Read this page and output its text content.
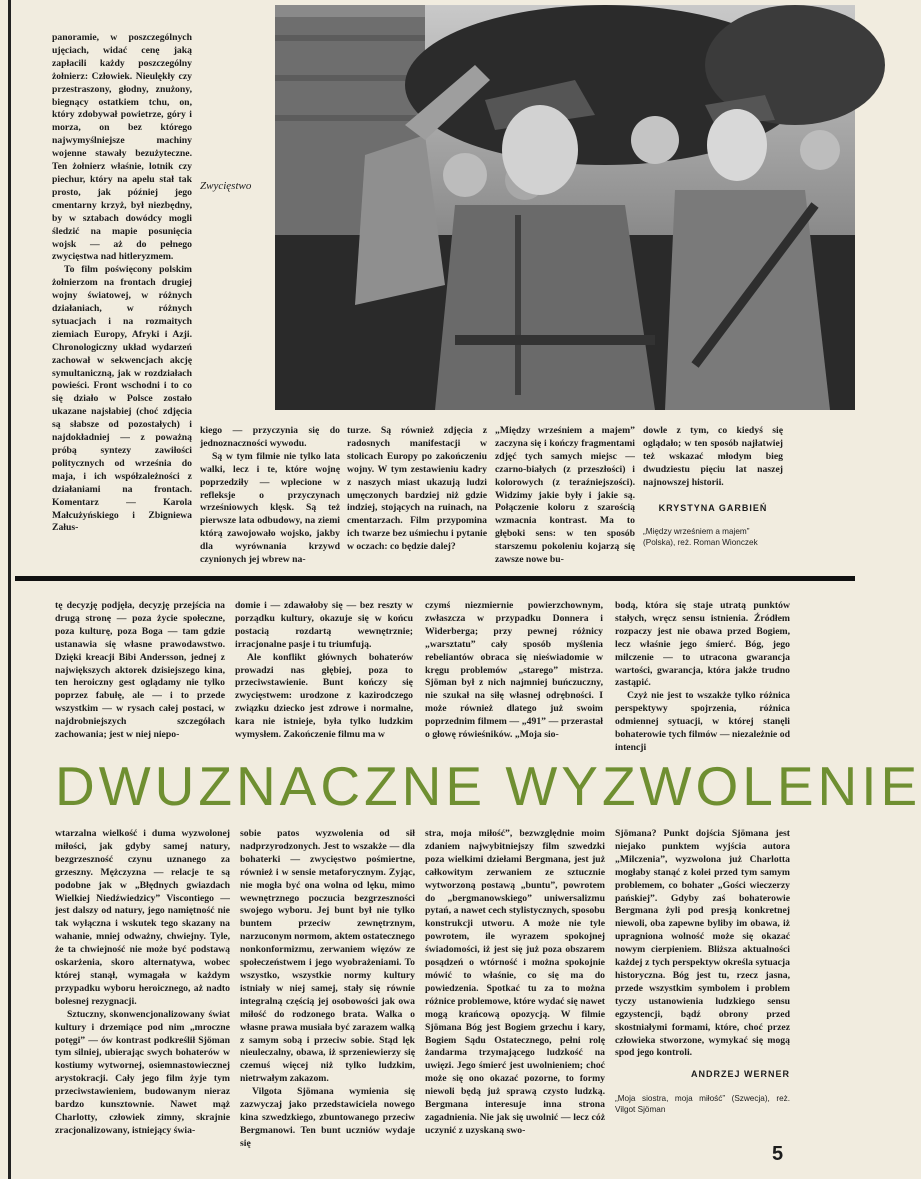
Zwycięstwo

panoramie, w poszczególnych ujęciach, widać cenę jaką zapłacili każdy poszczególny żołnierz: Człowiek. Nieulękły czy przestraszony, głodny, znużony, biegnący ostatkiem tchu, on, który zdobywał powietrze, góry i morza, on bez którego najwymyślniejsze machiny wojenne stawały bezużyteczne. Ten żołnierz właśnie, lotnik czy piechur, który na apelu stał tak prosto, jak później jego cmentarny krzyż, był niezbędny, by w sztabach dowódcy mogli śledzić na mapie posunięcia wojsk — aż do pełnego zwycięstwa nad hitleryzmem.

To film poświęcony polskim żołnierzom na frontach drugiej wojny światowej, w różnych działaniach, w różnych sytuacjach i na rozmaitych ziemiach Europy, Afryki i Azji. Chronologiczny układ wydarzeń zachował w sekwencjach akcję symultaniczną, jak w rozdziałach powieści. Front wschodni i to co się działo w Polsce zostało ukazane najsłabiej (choć zdjęcia są słabsze od pozostałych) i najdokładniej — z poważną próbą syntezy zawiłości politycznych od września do maja, i ich współzależności z działaniami na frontach. Komentarz — Karola Małcużyńskiego i Zbigniewa Załus-

kiego — przyczynia się do jednoznaczności wywodu.

Są w tym filmie nie tylko lata walki, lecz i te, które wojnę poprzedziły — wplecione w refleksje o przyczynach wrześniowych klęsk. Są też pierwsze lata odbudowy, na ziemi którą zawojowało wojsko, jakby dla wyrównania krzywd czynionych jej wbrew na-

turze. Są również zdjęcia z radosnych manifestacji w stolicach Europy po zakończeniu wojny. W tym zestawieniu kadry z naszych miast ukazują ludzi umęczonych bardziej niż gdzie indziej, stojących na ruinach, na cmentarzach. Film przypomina ich twarze bez uśmiechu i pytanie w oczach: co będzie dalej?

„Między wrześniem a majem” zaczyna się i kończy fragmentami zdjęć tych samych miejsc — czarno-białych (z przeszłości) i kolorowych (z teraźniejszości). Widzimy jakie były i jakie są. Połączenie koloru z szarością wzmacnia kontrast. Ma to głęboki sens: w ten sposób starszemu pokoleniu kojarzą się zawsze nowe bu-

dowle z tym, co kiedyś się oglądało; w ten sposób najłatwiej też wskazać młodym bieg dwudziestu pięciu lat naszej najnowszej historii.

KRYSTYNA GARBIEŃ
„Między wrześniem a majem” (Polska), reż. Roman Wionczek

tę decyzję podjęła, decyzję przejścia na drugą stronę — poza życie społeczne, poza kulturę, poza Boga — tam gdzie ustanawia się własne prawodawstwo. Dzięki kreacji Bibi Andersson, jednej z największych aktorek dzisiejszego kina, ten heroiczny gest oglądamy nie tylko poprzez fabułę, ale — i to przede wszystkim — w rysach całej postaci, w najdrobniejszych szczegółach zachowania; jest w niej niepo-

domie i — zdawałoby się — bez reszty w porządku kultury, okazuje się w końcu postacią rozdartą wewnętrznie; irracjonalne pasje i tu triumfują.

Ale konflikt głównych bohaterów prowadzi nas głębiej, poza to przeciwstawienie. Bunt kończy się zwycięstwem: urodzone z kazirodczego związku dziecko jest zdrowe i normalne, kara nie istnieje, była tylko ludzkim wymysłem. Zakończenie filmu ma w

czymś niezmiernie powierzchownym, zwłaszcza w przypadku Donnera i Widerberga; przy pewnej różnicy „warsztatu” cały sposób myślenia rebeliantów obraca się nieświadomie w kręgu problemów „starego” mistrza. Sjöman był z nich najmniej buńczuczny, nie szukał na siłę własnej odrębności. I może również dlatego już swoim poprzednim filmem — „491” — przerastał o głowę rówieśników. „Moja sio-

bodą, która się staje utratą punktów stałych, wręcz sensu istnienia. Źródłem rozpaczy jest nie obawa przed Bogiem, lecz właśnie jego śmierć. Bóg, jego milczenie — to utracona gwarancja wartości, gwarancja, która jakże trudno zastąpić.

Czyż nie jest to wszakże tylko różnica perspektywy spojrzenia, różnica odmiennej sytuacji, w której stanęli bohaterowie tych filmów — niezależnie od intencji

DWUZNACZNE WYZWOLENIE

wtarzalna wielkość i duma wyzwolonej miłości, jak gdyby samej natury, bezgrzeszność czynu uznanego za grzeszny. Mężczyzna — relacje te są podobne jak w „Błędnych gwiazdach Wielkiej Niedźwiedzicy” Viscontiego — jest dalszy od natury, jego namiętność nie tak wyłączna i wskutek tego skazany na wahanie, mniej odważny, chwiejny. Tyle, że ta chwiejność nie może być podstawą oskarżenia, skoro alternatywa, wobec której stanął, wymagała w każdym przypadku wyboru heroicznego, aż nadto bolesnej rezygnacji.

Sztuczny, skonwencjonalizowany świat kultury i drzemiące pod nim „mroczne potęgi” — ów kontrast podkreślił Sjöman tym silniej, ubierając swych bohaterów w kostiumy wytwornej, osiemnastowiecznej arystokracji. Cały jego film żyje tym przeciwstawieniem, budowanym nieraz bardzo kunsztownie. Nawet mąż Charlotty, człowiek zimny, skrajnie zracjonalizowany, istniejący świa-

sobie patos wyzwolenia od sił nadprzyrodzonych. Jest to wszakże — dla bohaterki — zwycięstwo pośmiertne, również i w sensie metaforycznym. Zyjąc, nie mogła być ona wolna od lęku, mimo wewnętrznego poczucia bezgrzeszności swojego wyboru. Jej bunt był nie tylko buntem przeciw zewnętrznym, narzuconym normom, aktem ostatecznego nonkonformizmu, zerwaniem więzów ze społeczeństwem i jego wyobrażeniami. To wszystko, wszystkie normy kultury istniały w niej samej, stały się równie integralną częścią jej osobowości jak owa miłość do rodzonego brata. Walka o własne prawa musiała być zarazem walką z samym sobą i przeciw sobie. Stąd lęk nieuleczalny, obawa, iż sprzeniewierzy się czemuś więcej niż tylko ludzkim, nietrwałym zakazom.

Vilgota Sjömana wymienia się zazwyczaj jako przedstawiciela nowego kina szwedzkiego, zbuntowanego przeciw Bergmanowi. Ten bunt uczniów wydaje się

stra, moja miłość”, bezwzględnie moim zdaniem najwybitniejszy film szwedzki poza wielkimi dziełami Bergmana, jest już całkowitym zerwaniem ze sztucznie wytworzoną postawą „buntu”, powrotem do „bergmanowskiego” uniwersalizmu pytań, a nawet cech stylistycznych, sposobu konstrukcji utworu. A może nie tyle powrotem, ile wyrazem spokojnej świadomości, iż jest się już poza obszarem posądzeń o wtórność i można spokojnie mówić to właśnie, co się ma do powiedzenia. Spotkać tu za to można różnice problemowe, które wydać się nawet mogą krańcową opozycją. W filmie Sjömana Bóg jest Bogiem grzechu i kary, Bogiem Sądu Ostatecznego, pełni rolę żandarma trzymającego ludzkość na uwięzi. Jego śmierć jest uwolnieniem; choć może się ono okazać pozorne, to formy niewoli będą już sprawą czysto ludzką. Bergmana interesuje inna strona zagadnienia. Nie jak się uwolnić — lecz cóż uczynić z uzyskaną swo-

Sjömana? Punkt dojścia Sjömana jest niejako punktem wyjścia autora „Milczenia”, wyzwolona już Charlotta mogłaby stanąć z kolei przed tym samym problemem, co bohater „Gości wieczerzy pańskiej”. Gdyby zaś bohaterowie Bergmana żyli pod presją konkretnej niewoli, oba zapewne byliby im obawa, iż upragniona wolność może się okazać nowym cierpieniem. Bliższa aktualności każdej z tych perspektyw określa sytuacja historyczna. Bóg jest tu, rzecz jasna, przede wszystkim symbolem i problem tyczy ustanowienia ludzkiego sensu egzystencji, bądź obrony przed skostniałymi formami, które, choć przez człowieka stworzone, wymykać się mogą spod jego kontroli.

ANDRZEJ WERNER
„Moja siostra, moja miłość” (Szwecja), reż. Vilgot Sjöman
5
